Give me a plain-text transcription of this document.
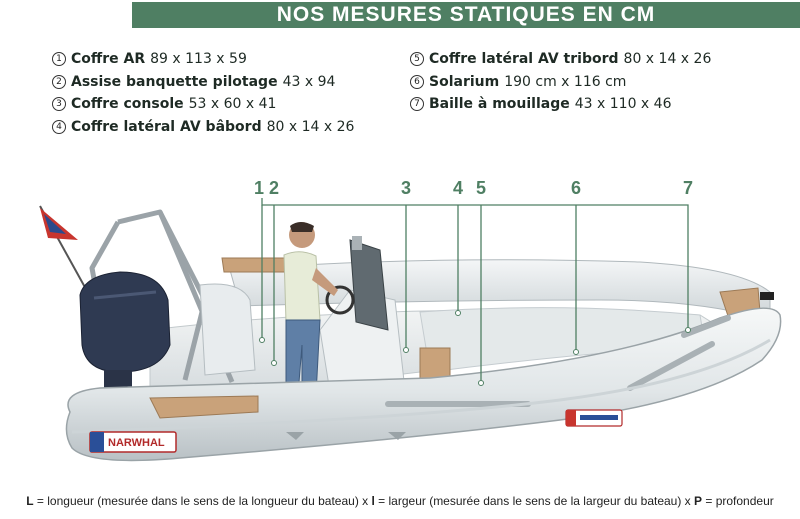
NOS MESURES STATIQUES EN CM
1 Coffre AR 89 x 113 x 59
2 Assise banquette pilotage 43 x 94
3 Coffre console 53 x 60 x 41
4 Coffre latéral AV bâbord 80 x 14 x 26
5 Coffre latéral AV tribord 80 x 14 x 26
6 Solarium 190 cm x 116 cm
7 Baille à mouillage 43 x 110 x 46
NARWHAL
1 2	3 4 5	6	7
L = longueur (mesurée dans le sens de la longueur du bateau) x l = largeur (mesurée dans le sens de la largeur du bateau) x P = profondeur
